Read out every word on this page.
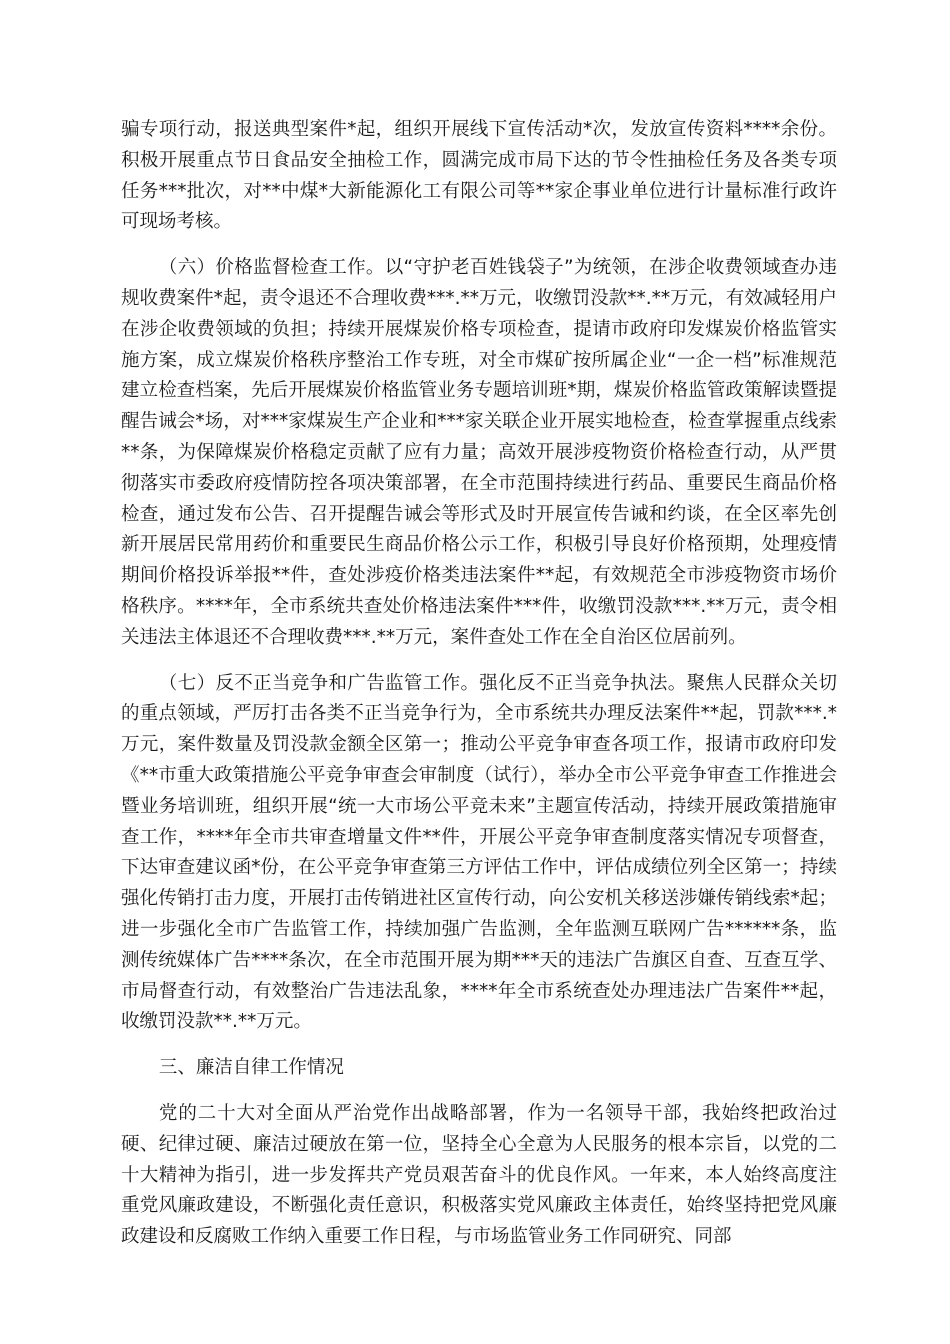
骗专项行动，报送典型案件*起，组织开展线下宣传活动*次，发放宣传资料****余份。积极开展重点节日食品安全抽检工作，圆满完成市局下达的节令性抽检任务及各类专项任务***批次，对**中煤*大新能源化工有限公司等**家企事业单位进行计量标准行政许可现场考核。

（六）价格监督检查工作。以“守护老百姓钱袋子”为统领，在涉企收费领域查办违规收费案件*起，责令退还不合理收费***.**万元，收缴罚没款**.**万元，有效减轻用户在涉企收费领域的负担；持续开展煤炭价格专项检查，提请市政府印发煤炭价格监管实施方案，成立煤炭价格秩序整治工作专班，对全市煤矿按所属企业“一企一档”标准规范建立检查档案，先后开展煤炭价格监管业务专题培训班*期，煤炭价格监管政策解读暨提醒告诫会*场，对***家煤炭生产企业和***家关联企业开展实地检查，检查掌握重点线索**条，为保障煤炭价格稳定贡献了应有力量；高效开展涉疫物资价格检查行动，从严贯彻落实市委政府疫情防控各项决策部署，在全市范围持续进行药品、重要民生商品价格检查，通过发布公告、召开提醒告诫会等形式及时开展宣传告诫和约谈，在全区率先创新开展居民常用药价和重要民生商品价格公示工作，积极引导良好价格预期，处理疫情期间价格投诉举报**件，查处涉疫价格类违法案件**起，有效规范全市涉疫物资市场价格秩序。****年，全市系统共查处价格违法案件***件，收缴罚没款***.**万元，责令相关违法主体退还不合理收费***.**万元，案件查处工作在全自治区位居前列。

（七）反不正当竞争和广告监管工作。强化反不正当竞争执法。聚焦人民群众关切的重点领域，严厉打击各类不正当竞争行为，全市系统共办理反法案件**起，罚款***.*万元，案件数量及罚没款金额全区第一；推动公平竞争审查各项工作，报请市政府印发《**市重大政策措施公平竞争审查会审制度（试行），举办全市公平竞争审查工作推进会暨业务培训班，组织开展“统一大市场公平竞未来”主题宣传活动，持续开展政策措施审查工作，****年全市共审查增量文件**件，开展公平竞争审查制度落实情况专项督查，下达审查建议函*份，在公平竞争审查第三方评估工作中，评估成绩位列全区第一；持续强化传销打击力度，开展打击传销进社区宣传行动，向公安机关移送涉嫌传销线索*起；进一步强化全市广告监管工作，持续加强广告监测，全年监测互联网广告******条，监测传统媒体广告****条次，在全市范围开展为期***天的违法广告旗区自查、互查互学、市局督查行动，有效整治广告违法乱象，****年全市系统查处办理违法广告案件**起，收缴罚没款**.**万元。

三、廉洁自律工作情况

党的二十大对全面从严治党作出战略部署，作为一名领导干部，我始终把政治过硬、纪律过硬、廉洁过硬放在第一位，坚持全心全意为人民服务的根本宗旨，以党的二十大精神为指引，进一步发挥共产党员艰苦奋斗的优良作风。一年来，本人始终高度注重党风廉政建设，不断强化责任意识，积极落实党风廉政主体责任，始终坚持把党风廉政建设和反腐败工作纳入重要工作日程，与市场监管业务工作同研究、同部
